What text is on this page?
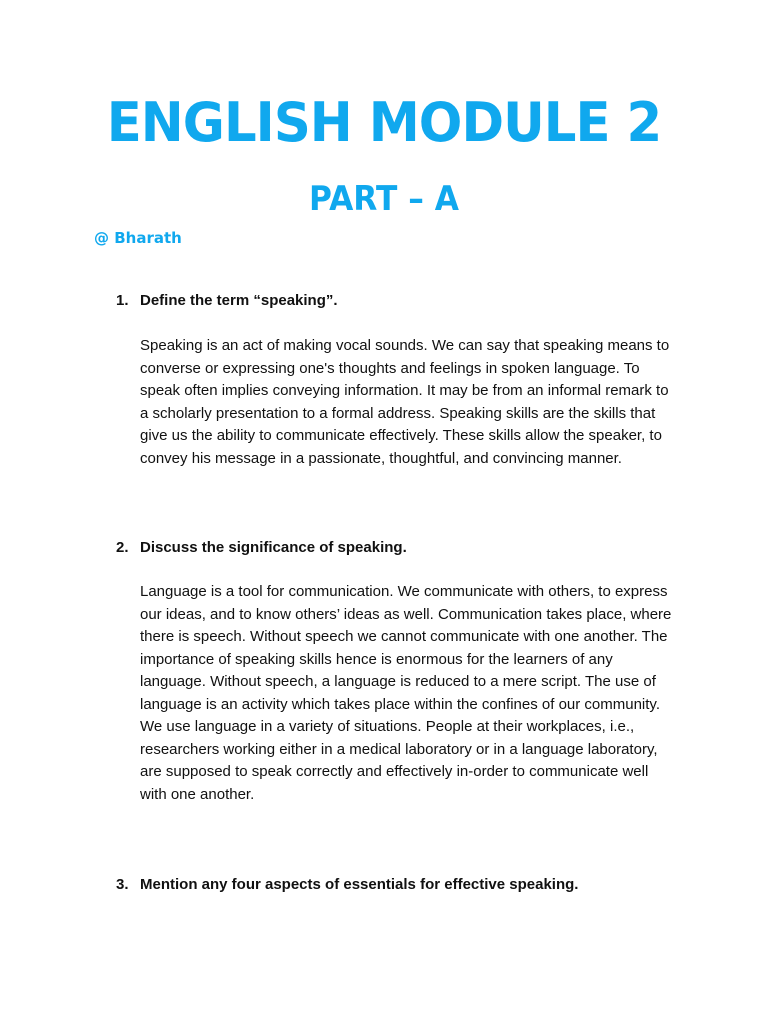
ENGLISH MODULE 2
PART – A
@ Bharath

1. Define the term “speaking”.

Speaking is an act of making vocal sounds. We can say that speaking means to converse or expressing one's thoughts and feelings in spoken language. To speak often implies conveying information. It may be from an informal remark to a scholarly presentation to a formal address. Speaking skills are the skills that give us the ability to communicate effectively. These skills allow the speaker, to convey his message in a passionate, thoughtful, and convincing manner.

2. Discuss the significance of speaking.

Language is a tool for communication. We communicate with others, to express our ideas, and to know others’ ideas as well. Communication takes place, where there is speech. Without speech we cannot communicate with one another. The importance of speaking skills hence is enormous for the learners of any language. Without speech, a language is reduced to a mere script. The use of language is an activity which takes place within the confines of our community. We use language in a variety of situations. People at their workplaces, i.e., researchers working either in a medical laboratory or in a language laboratory, are supposed to speak correctly and effectively in-order to communicate well with one another.

3. Mention any four aspects of essentials for effective speaking.
